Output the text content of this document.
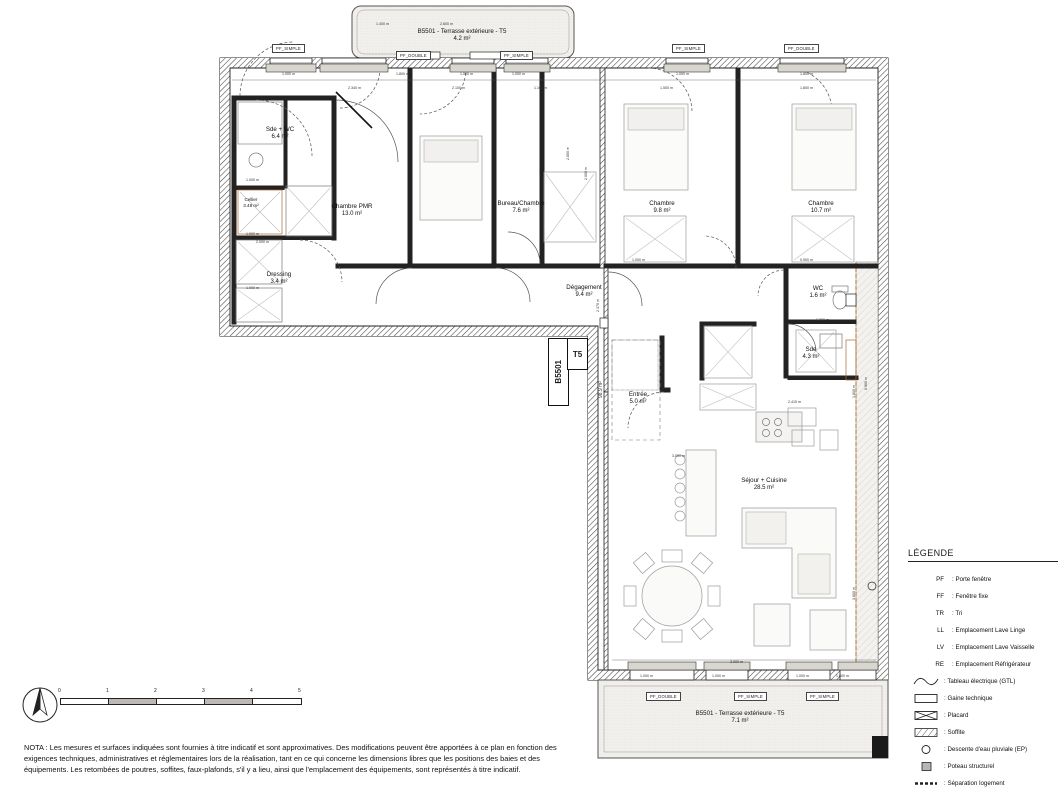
B5501 - Terrasse extérieure - T5
4.2 m²
Sde + WC
6.4 m²
Chambre PMR
13.0 m²
Bureau/Chambre
7.6 m²
Chambre
9.8 m²
Chambre
10.7 m²
Dressing
3.4 m²
Dégagement
9.4 m²
WC
1.6 m²
Sde
4.3 m²
Entrée
5.0 m²
Séjour + Cuisine
28.5 m²
B5501 - Terrasse extérieure - T5
7.1 m²
Cellier
3.48 m²
PF_SIMPLE
PF_DOUBLE	PF_SIMPLE
PF_SIMPLE	PF_DOUBLE
PF_DOUBLE	PF_SIMPLE	PF_SIMPLE
1.000 m	1.800 m	1.000 m	1.000 m	1.000 m	1.800 m
2.340 m	2.100 m	1.100 m	1.500 m	1.800 m
1.000 m
1.000 m
1.000 m
2.000 m
2.370 m
1.800 m
0.900 m
3.800 m
2.800 m
1.000 m	1.000 m	1.000 m	1.800 m
3.000 m
2.415 m
1.800 m
1.000 m	0.900 m
3.000 m
2.000 m
2.600 m
1.400 m
B5501
T5
98.9 m²
LÉGENDE
PF	: Porte fenêtre
FF	: Fenêtre fixe
TR	: Tri
LL	: Emplacement Lave Linge
LV	: Emplacement Lave Vaisselle
RE	: Emplacement Réfrigérateur
: Tableau électrique (GTL)
: Gaine technique
: Placard
: Soffite
: Descente d'eau pluviale (EP)
: Poteau structurel
: Séparation logement
0	1	2	3	4	5
NOTA : Les mesures et surfaces indiquées sont fournies à titre indicatif et sont approximatives. Des modifications peuvent être apportées à ce plan en fonction des exigences techniques, administratives et réglementaires lors de la réalisation, tant en ce qui concerne les dimensions libres que les positions des baies et des équipements. Les retombées de poutres, soffites, faux-plafonds, s'il y a lieu, ainsi que l'emplacement des équipements, sont représentés à titre indicatif.
